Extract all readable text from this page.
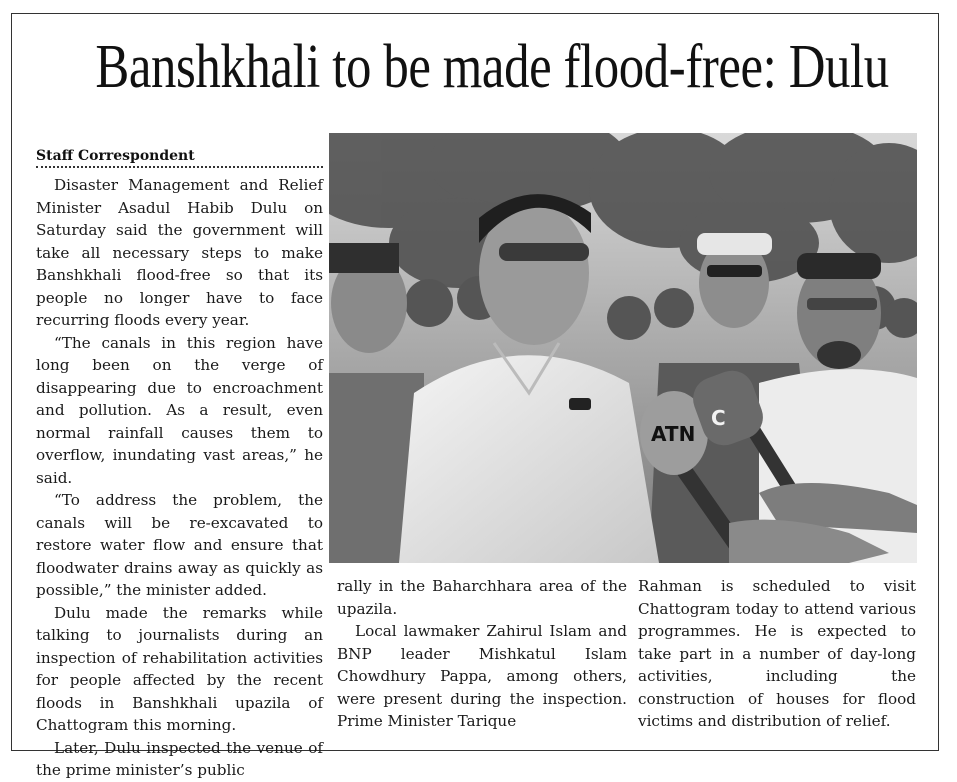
Banshkhali to be made flood-free: Dulu
Staff Correspondent

Disaster Management and Relief Minister Asadul Habib Dulu on Saturday said the government will take all necessary steps to make Banshkhali flood-free so that its people no longer have to face recurring floods every year.

“The canals in this region have long been on the verge of disappearing due to encroachment and pollution. As a result, even normal rainfall causes them to overflow, inundating vast areas,” he said.

“To address the problem, the canals will be re-excavated to restore water flow and ensure that floodwater drains away as quickly as possible,” the minister added.

Dulu made the remarks while talking to journalists during an inspection of rehabilitation activities for people affected by the recent floods in Banshkhali upazila of Chattogram this morning.

Later, Dulu inspected the venue of the prime minister’s public

ATN
C

rally in the Baharchhara area of the upazila.

Local lawmaker Zahirul Islam and BNP leader Mishkatul Islam Chowdhury Pappa, among others, were present during the inspection. Prime Minister Tarique

Rahman is scheduled to visit Chattogram today to attend various programmes. He is expected to take part in a number of day-long activities, including the construction of houses for flood victims and distribution of relief.
